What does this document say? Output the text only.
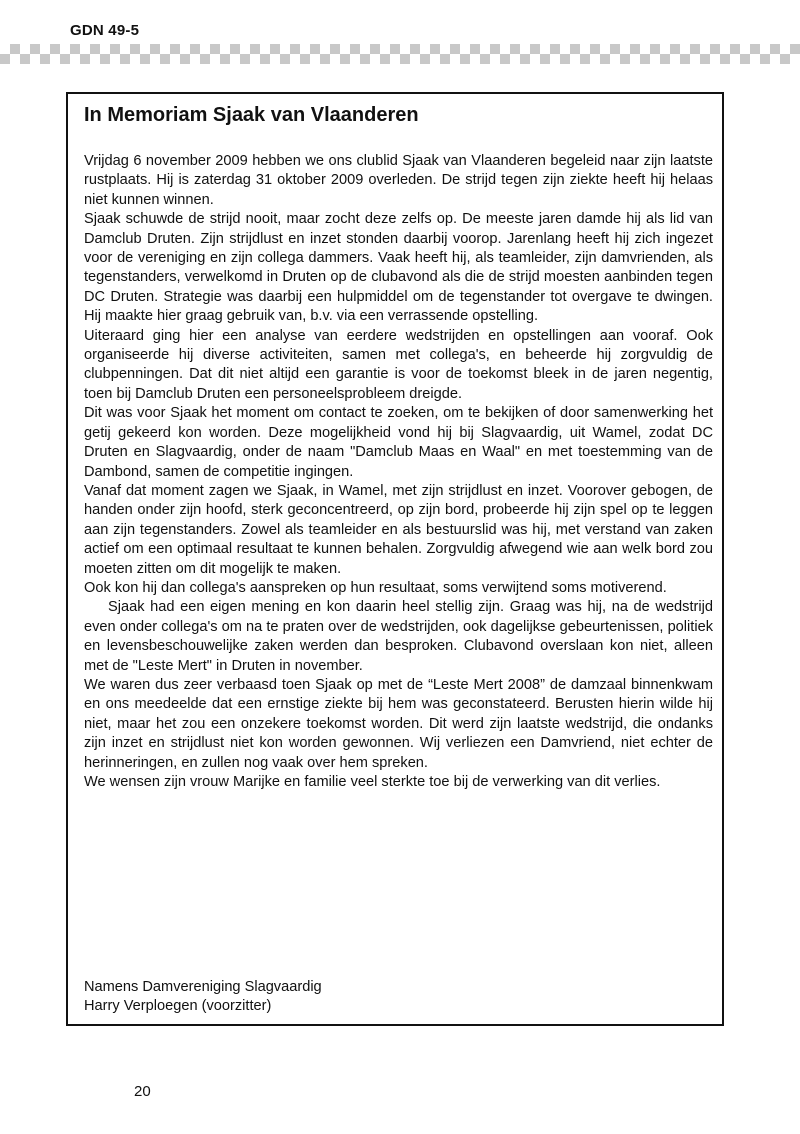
GDN 49-5
In Memoriam Sjaak van Vlaanderen

Vrijdag 6 november 2009 hebben we ons clublid Sjaak van Vlaanderen begeleid naar zijn laatste rustplaats. Hij is zaterdag 31 oktober 2009 overleden. De strijd tegen zijn ziekte heeft hij helaas niet kunnen winnen.

Sjaak schuwde de strijd nooit, maar zocht deze zelfs op. De meeste jaren damde hij als lid van Damclub Druten. Zijn strijdlust en inzet stonden daarbij voorop. Jarenlang heeft hij zich ingezet voor de vereniging en zijn collega dammers. Vaak heeft hij, als teamleider, zijn damvrienden, als tegenstanders, verwelkomd in Druten op de clubavond als die de strijd moesten aanbinden tegen DC Druten. Strategie was daarbij een hulpmiddel om de tegenstander tot overgave te dwingen. Hij maakte hier graag gebruik van, b.v. via een verrassende opstelling.

Uiteraard ging hier een analyse van eerdere wedstrijden en opstellingen aan vooraf. Ook organiseerde hij diverse activiteiten, samen met collega's, en beheerde hij zorgvuldig de clubpenningen. Dat dit niet altijd een garantie is voor de toekomst bleek in de jaren negentig, toen bij Damclub Druten een personeelsprobleem dreigde.

Dit was voor Sjaak het moment om contact te zoeken, om te bekijken of door samenwerking het getij gekeerd kon worden. Deze mogelijkheid vond hij bij Slagvaardig, uit Wamel, zodat DC Druten en Slagvaardig, onder de naam "Damclub Maas en Waal" en met toestemming van de Dambond, samen de competitie ingingen.

Vanaf dat moment zagen we Sjaak, in Wamel, met zijn strijdlust en inzet. Voorover gebogen, de handen onder zijn hoofd, sterk geconcentreerd, op zijn bord, probeerde hij zijn spel op te leggen aan zijn tegenstanders. Zowel als teamleider en als bestuurslid was hij, met verstand van zaken actief om een optimaal resultaat te kunnen behalen. Zorgvuldig afwegend wie aan welk bord zou moeten zitten om dit mogelijk te maken.

Ook kon hij dan collega's aanspreken op hun resultaat, soms verwijtend soms motiverend.

Sjaak had een eigen mening en kon daarin heel stellig zijn. Graag was hij, na de wedstrijd even onder collega's om na te praten over de wedstrijden, ook dagelijkse gebeurtenissen, politiek en levensbeschouwelijke zaken werden dan besproken. Clubavond overslaan kon niet, alleen met de "Leste Mert" in Druten in november.

We waren dus zeer verbaasd toen Sjaak op met de “Leste Mert 2008” de damzaal binnenkwam en ons meedeelde dat een ernstige ziekte bij hem was geconstateerd. Berusten hierin wilde hij niet, maar het zou een onzekere toekomst worden. Dit werd zijn laatste wedstrijd, die ondanks zijn inzet en strijdlust niet kon worden gewonnen. Wij verliezen een Damvriend, niet echter de herinneringen, en zullen nog vaak over hem spreken.

We wensen zijn vrouw Marijke en familie veel sterkte toe bij de verwerking van dit verlies.

Namens Damvereniging Slagvaardig
Harry Verploegen (voorzitter)
20
